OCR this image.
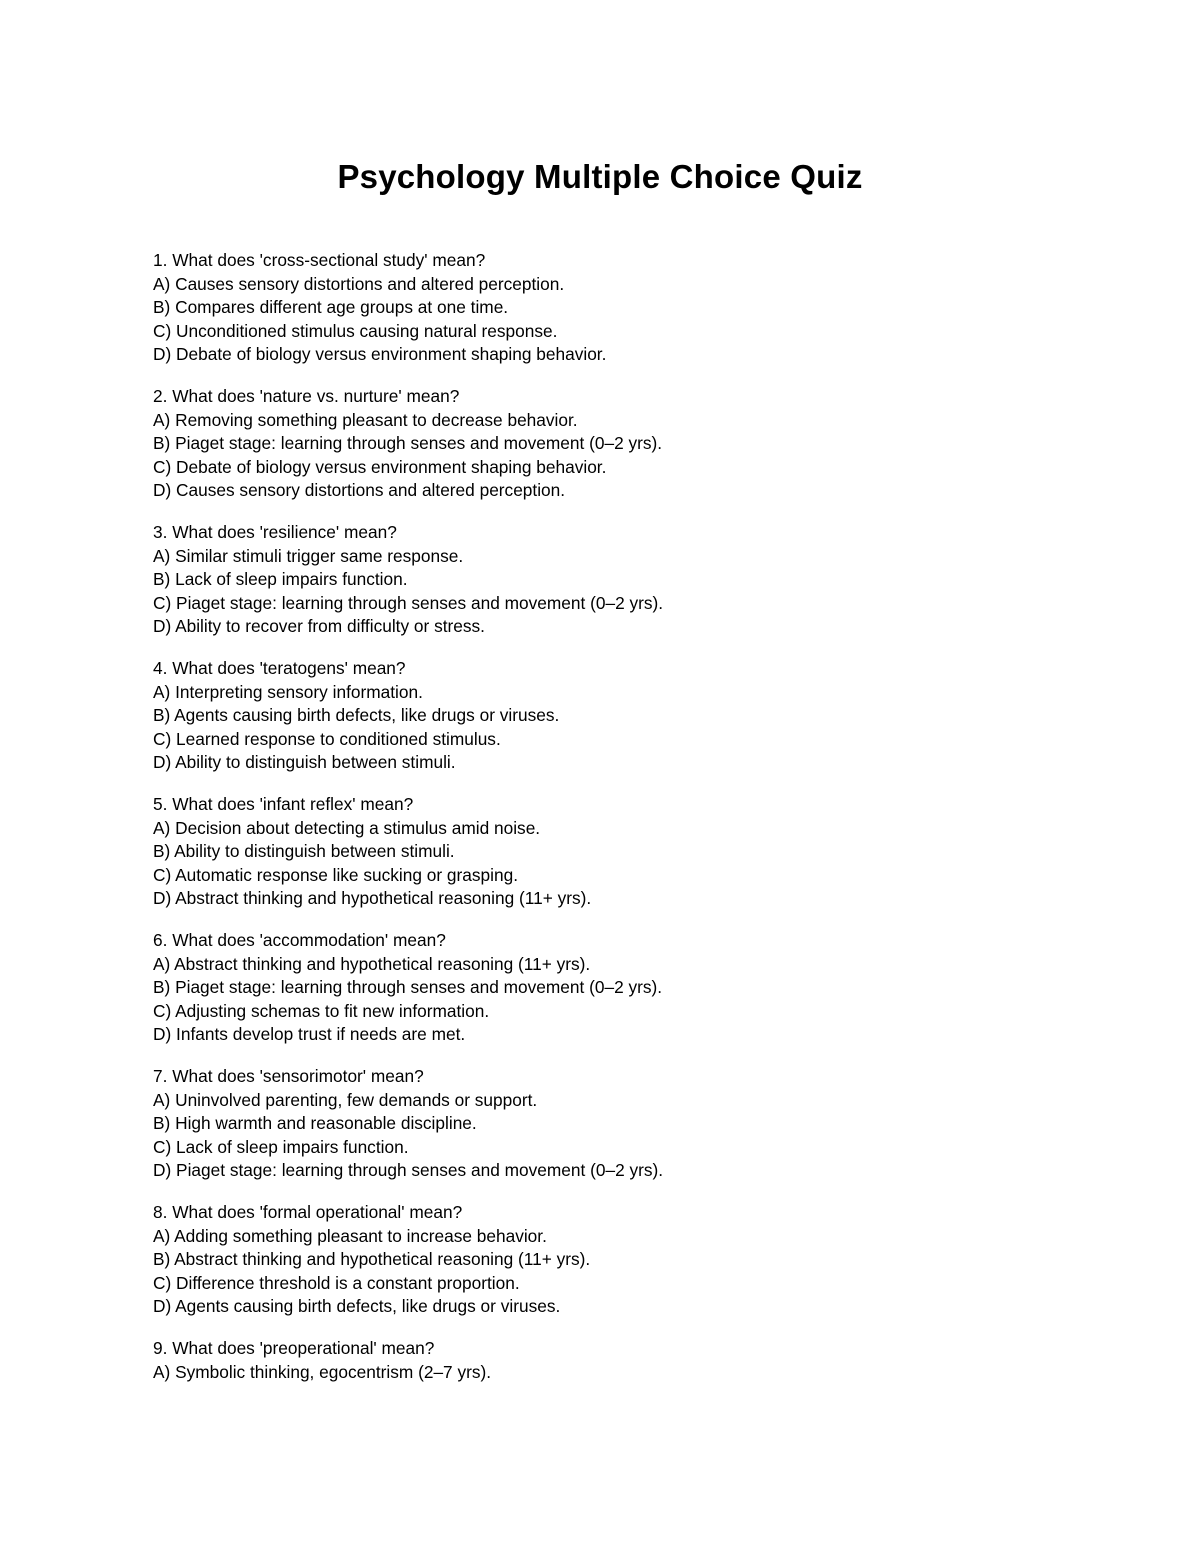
Psychology Multiple Choice Quiz
1. What does 'cross-sectional study' mean?
A) Causes sensory distortions and altered perception.
B) Compares different age groups at one time.
C) Unconditioned stimulus causing natural response.
D) Debate of biology versus environment shaping behavior.
2. What does 'nature vs. nurture' mean?
A) Removing something pleasant to decrease behavior.
B) Piaget stage: learning through senses and movement (0–2 yrs).
C) Debate of biology versus environment shaping behavior.
D) Causes sensory distortions and altered perception.
3. What does 'resilience' mean?
A) Similar stimuli trigger same response.
B) Lack of sleep impairs function.
C) Piaget stage: learning through senses and movement (0–2 yrs).
D) Ability to recover from difficulty or stress.
4. What does 'teratogens' mean?
A) Interpreting sensory information.
B) Agents causing birth defects, like drugs or viruses.
C) Learned response to conditioned stimulus.
D) Ability to distinguish between stimuli.
5. What does 'infant reflex' mean?
A) Decision about detecting a stimulus amid noise.
B) Ability to distinguish between stimuli.
C) Automatic response like sucking or grasping.
D) Abstract thinking and hypothetical reasoning (11+ yrs).
6. What does 'accommodation' mean?
A) Abstract thinking and hypothetical reasoning (11+ yrs).
B) Piaget stage: learning through senses and movement (0–2 yrs).
C) Adjusting schemas to fit new information.
D) Infants develop trust if needs are met.
7. What does 'sensorimotor' mean?
A) Uninvolved parenting, few demands or support.
B) High warmth and reasonable discipline.
C) Lack of sleep impairs function.
D) Piaget stage: learning through senses and movement (0–2 yrs).
8. What does 'formal operational' mean?
A) Adding something pleasant to increase behavior.
B) Abstract thinking and hypothetical reasoning (11+ yrs).
C) Difference threshold is a constant proportion.
D) Agents causing birth defects, like drugs or viruses.
9. What does 'preoperational' mean?
A) Symbolic thinking, egocentrism (2–7 yrs).
